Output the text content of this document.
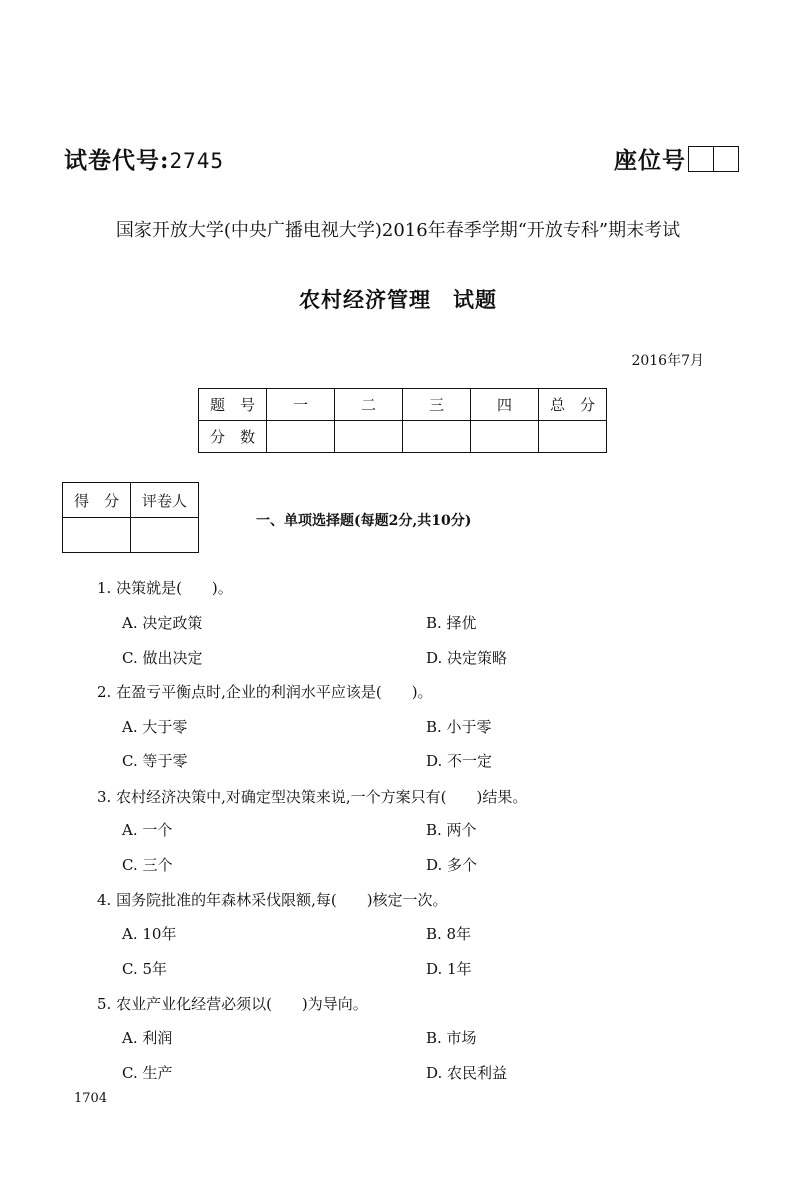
试卷代号:2745	座位号
国家开放大学(中央广播电视大学)2016年春季学期“开放专科”期末考试
农村经济管理　试题
2016年7月
题　号	一	二	三	四	总　分
分　数					
得　分	评卷人

一、单项选择题(每题2分,共10分)
1. 决策就是(　　)。
A. 决定政策	B. 择优
C. 做出决定	D. 决定策略
2. 在盈亏平衡点时,企业的利润水平应该是(　　)。
A. 大于零	B. 小于零
C. 等于零	D. 不一定
3. 农村经济决策中,对确定型决策来说,一个方案只有(　　)结果。
A. 一个	B. 两个
C. 三个	D. 多个
4. 国务院批准的年森林采伐限额,每(　　)核定一次。
A. 10年	B. 8年
C. 5年	D. 1年
5. 农业产业化经营必须以(　　)为导向。
A. 利润	B. 市场
C. 生产	D. 农民利益
1704
